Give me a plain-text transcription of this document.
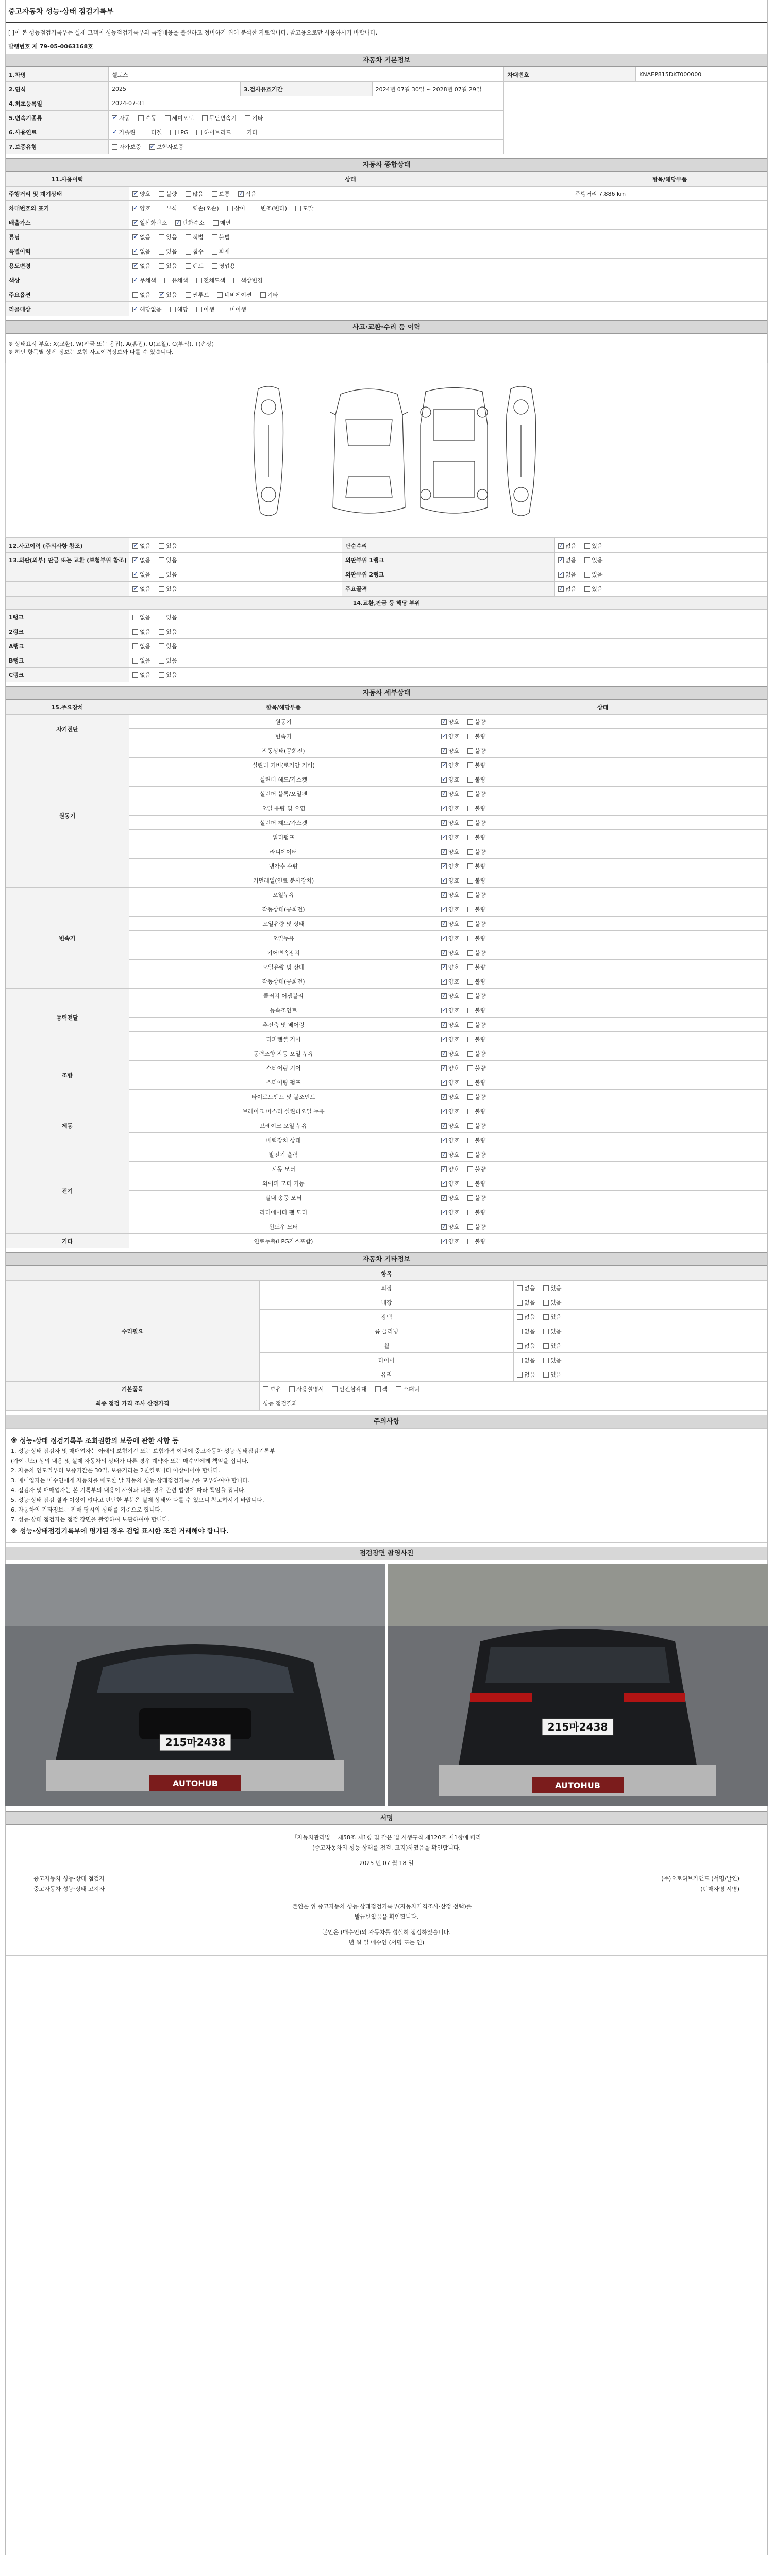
중고자동차 성능·상태 점검기록부
[ ]이 본 성능점검기록부는 실제 고객이 성능점검기록부의 특정내용을 불신하고 정비하기 위해 분석한 자료입니다. 참고용으로만 사용하시기 바랍니다.
발행번호 제 79-05-0063168호
자동차 기본정보
1.차명	셀토스			차대번호	KNAEP815DKT000000
2.연식	2025	3.검사유효기간	2024년 07월 30일 ~ 2028년 07월 29일		
4.최초등록일	2024-07-31				
5.변속기종류	✓자동 수동 세미오토 무단변속기 기타
6.사용연료	✓가솔린 디젤 LPG 하이브리드 기타
7.보증유형	자가보증 ✓ 보험사보증
자동차 종합상태
11.사용이력	상태	항목/해당부품
주행거리 및 계기상태	✓양호 불량 많음 보통 ✓ 적음	주행거리 7,886 km
차대번호의 표기	✓양호 부식 훼손(오손) 상이 변조(변타) 도말	
배출가스	✓일산화탄소 ✓ 탄화수소 매연	
튜닝	✓없음 있음 적법 불법	
특별이력	✓없음 있음 침수 화재	
용도변경	✓없음 있음 렌트 영업용	
색상	✓무채색 유채색 전체도색 색상변경	
주요옵션	없음 ✓ 있음 썬루프 네비게이션 기타	
리콜대상	✓해당없음 해당 이행 미이행	
사고·교환·수리 등 이력
※ 상태표시 부호: X(교환), W(판금 또는 용접), A(흠집), U(요철), C(부식), T(손상)
※ 하단 항목별 상세 정보는 보험 사고이력정보와 다를 수 있습니다.
12.사고이력 (주의사항 참조)	✓없음 있음	단순수리	✓없음 있음
13.외판(외부) 판금 또는 교환 (보험부위 참조)	✓없음 있음	외판부위 1랭크	✓없음 있음
	✓없음 있음	외판부위 2랭크	✓없음 있음
	✓없음 있음	주요골격	✓없음 있음
14.교환,판금 등 해당 부위
1랭크	없음 있음
2랭크	없음 있음
A랭크	없음 있음
B랭크	없음 있음
C랭크	없음 있음
자동차 세부상태
15.주요장치	항목/해당부품	상태
자기진단	원동기	✓양호 불량
	변속기	✓양호 불량
원동기	작동상태(공회전)	✓양호 불량
	실린더 커버(로커암 커버)	✓양호 불량
	실린더 헤드/가스켓	✓양호 불량
	실린더 블록/오일팬	✓양호 불량
	오일 유량 및 오염	✓양호 불량
	실린더 헤드/가스켓	✓양호 불량
	워터펌프	✓양호 불량
	라디에이터	✓양호 불량
	냉각수 수량	✓양호 불량
	커먼레일(연료 분사장치)	✓양호 불량
변속기	오일누유	✓양호 불량
	작동상태(공회전)	✓양호 불량
	오일유량 및 상태	✓양호 불량
	오일누유	✓양호 불량
	기어변속장치	✓양호 불량
	오일유량 및 상태	✓양호 불량
	작동상태(공회전)	✓양호 불량
동력전달	클러치 어셈블리	✓양호 불량
	등속조인트	✓양호 불량
	추진축 및 베어링	✓양호 불량
	디퍼렌셜 기어	✓양호 불량
조향	동력조향 작동 오일 누유	✓양호 불량
	스티어링 기어	✓양호 불량
	스티어링 펌프	✓양호 불량
	타이로드엔드 및 볼조인트	✓양호 불량
제동	브레이크 마스터 실린더오일 누유	✓양호 불량
	브레이크 오일 누유	✓양호 불량
	배력장치 상태	✓양호 불량
전기	발전기 출력	✓양호 불량
	시동 모터	✓양호 불량
	와이퍼 모터 기능	✓양호 불량
	실내 송풍 모터	✓양호 불량
	라디에이터 팬 모터	✓양호 불량
	윈도우 모터	✓양호 불량
기타	연료누출(LPG가스포함)	✓양호 불량
자동차 기타정보
항목		
수리필요	외장	없음 있음
	내장	없음 있음
	광택	없음 있음
	룸 클리닝	없음 있음
	휠	없음 있음
	타이어	없음 있음
	유리	없음 있음
기본품목	보유 사용설명서 안전삼각대 잭 스패너	
최종 점검 가격 조사 산정가격	성능 점검결과	
주의사항

※ 성능·상태 점검기록부 조회권한의 보증에 관한 사항 등

1. 성능·상태 점검자 및 매매업자는 아래의 보험기간 또는 보험가격 이내에 중고자동차 성능·상태점검기록부

(가이던스) 상의 내용 및 실제 자동차의 상태가 다른 경우 계약자 또는 매수인에게 책임을 집니다.

2. 자동차 인도일부터 보증기간은 30일, 보증거리는 2천킬로미터 이상이어야 합니다.

3. 매매업자는 매수인에게 자동차를 매도한 날 자동차 성능·상태점검기록부를 교부하여야 합니다.

4. 점검자 및 매매업자는 본 기록부의 내용이 사실과 다른 경우 관련 법령에 따라 책임을 집니다.

5. 성능·상태 점검 결과 이상이 없다고 판단한 부분은 실제 상태와 다를 수 있으니 참고하시기 바랍니다.

6. 자동차의 기타정보는 판매 당시의 상태를 기준으로 합니다.

7. 성능·상태 점검자는 점검 장면을 촬영하여 보관하여야 합니다.

※ 성능·상태점검기록부에 명기된 경우 검업 표시한 조건 거래해야 합니다.

점검장면 촬영사진
215마2438
AUTOHUB
215마2438
AUTOHUB
서명
「자동차관리법」 제58조 제1항 및 같은 법 시행규칙 제120조 제1항에 따라
(중고자동차의 성능·상태를 점검, 고지)하였음을 확인합니다.
2025 년 07 월 18 일
중고자동차 성능·상태 점검자	(주)오토허브카앤드 (서명/날인)
중고자동차 성능·상태 고지자	(판매자명 서명)
본인은 위 중고자동차 성능·상태점검기록부(자동차가격조사·산정 선택)를
발급받았음을 확인합니다.
본인은 (매수인)의 자동차를 성실히 점검하였습니다.
년 월 일 매수인 (서명 또는 인)
